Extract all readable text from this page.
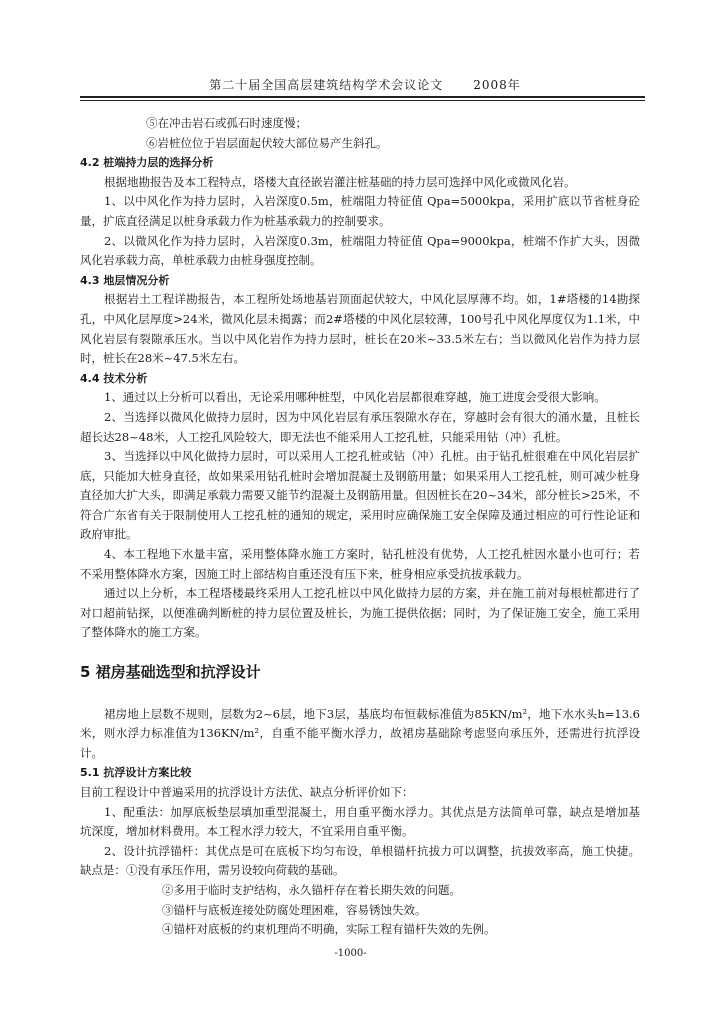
第二十届全国高层建筑结构学术会议论文	2008年

⑤在冲击岩石或孤石时速度慢；

⑥岩桩位位于岩层面起伏较大部位易产生斜孔。

4.2 桩端持力层的选择分析

根据地勘报告及本工程特点，塔楼大直径嵌岩灌注桩基础的持力层可选择中风化或微风化岩。

1、以中风化作为持力层时，入岩深度0.5m，桩端阻力特征值 Qpa=5000kpa，采用扩底以节省桩身砼量，扩底直径满足以桩身承载力作为桩基承载力的控制要求。

2、以微风化作为持力层时，入岩深度0.3m，桩端阻力特征值 Qpa=9000kpa，桩端不作扩大头，因微风化岩承载力高，单桩承载力由桩身强度控制。

4.3 地层情况分析

根据岩土工程详勘报告，本工程所处场地基岩顶面起伏较大，中风化层厚薄不均。如，1#塔楼的14勘探孔，中风化层厚度>24米，微风化层未揭露；而2#塔楼的中风化层较薄，100号孔中风化厚度仅为1.1米，中风化岩层有裂隙承压水。当以中风化岩作为持力层时，桩长在20米~33.5米左右；当以微风化岩作为持力层时，桩长在28米~47.5米左右。

4.4 技术分析

1、通过以上分析可以看出，无论采用哪种桩型，中风化岩层都很难穿越，施工进度会受很大影响。

2、当选择以微风化做持力层时，因为中风化岩层有承压裂隙水存在，穿越时会有很大的涌水量，且桩长超长达28~48米，人工挖孔风险较大，即无法也不能采用人工挖孔桩，只能采用钻（冲）孔桩。

3、当选择以中风化做持力层时，可以采用人工挖孔桩或钻（冲）孔桩。由于钻孔桩很难在中风化岩层扩底，只能加大桩身直径，故如果采用钻孔桩时会增加混凝土及钢筋用量；如果采用人工挖孔桩，则可减少桩身直径加大扩大头，即满足承载力需要又能节约混凝土及钢筋用量。但因桩长在20~34米，部分桩长>25米，不符合广东省有关于限制使用人工挖孔桩的通知的规定，采用时应确保施工安全保障及通过相应的可行性论证和政府审批。

4、本工程地下水量丰富，采用整体降水施工方案时，钻孔桩没有优势，人工挖孔桩因水量小也可行；若不采用整体降水方案，因施工时上部结构自重还没有压下来，桩身相应承受抗拔承载力。

通过以上分析，本工程塔楼最终采用人工挖孔桩以中风化做持力层的方案，并在施工前对每根桩都进行了对口超前钻探，以便准确判断桩的持力层位置及桩长，为施工提供依据；同时，为了保证施工安全，施工采用了整体降水的施工方案。

5 裙房基础选型和抗浮设计

裙房地上层数不规则，层数为2~6层，地下3层，基底均布恒载标准值为85KN/m²，地下水水头h=13.6米，则水浮力标准值为136KN/m²，自重不能平衡水浮力，故裙房基础除考虑竖向承压外，还需进行抗浮设计。

5.1 抗浮设计方案比较

目前工程设计中普遍采用的抗浮设计方法优、缺点分析评价如下：

1、配重法：加厚底板垫层填加重型混凝土，用自重平衡水浮力。其优点是方法简单可靠，缺点是增加基坑深度，增加材料费用。本工程水浮力较大，不宜采用自重平衡。

2、设计抗浮锚杆：其优点是可在底板下均匀布设，单根锚杆抗拔力可以调整，抗拔效率高，施工快捷。缺点是：①没有承压作用，需另设较向荷载的基础。

②多用于临时支护结构，永久锚杆存在着长期失效的问题。

③锚杆与底板连接处防腐处理困难，容易锈蚀失效。

④锚杆对底板的约束机理尚不明确，实际工程有锚杆失效的先例。

-1000-
